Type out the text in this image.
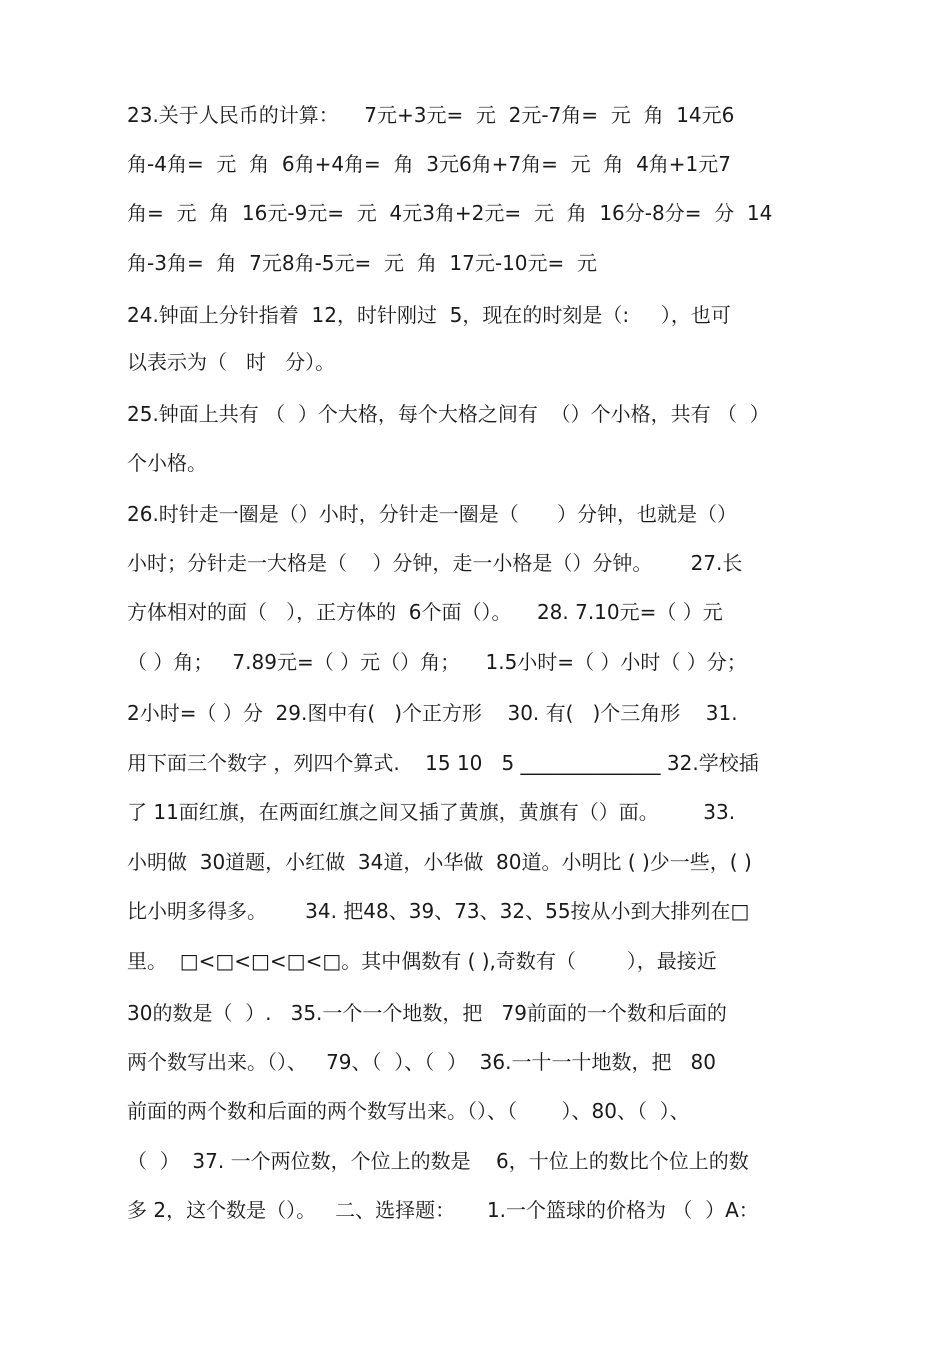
23.关于人民币的计算：    7元+3元=  元  2元-7角=  元  角  14元6
角-4角=  元  角  6角+4角=  角  3元6角+7角=  元  角  4角+1元7
角=  元  角  16元-9元=  元  4元3角+2元=  元  角  16分-8分=  分  14
角-3角=  角  7元8角-5元=  元  角  17元-10元=  元
24.钟面上分针指着  12，时针刚过  5，现在的时刻是（:     ），也可
以表示为（   时   分）。
25.钟面上共有 （  ）个大格，每个大格之间有  （）个小格，共有 （  ）
个小格。
26.时针走一圈是（）小时，分针走一圈是（      ）分钟，也就是（）
小时；分针走一大格是（    ）分钟，走一小格是（）分钟。      27.长
方体相对的面（   ），正方体的  6个面（）。    28. 7.10元=（ ）元
（ ）角；   7.89元=（ ）元（）角；    1.5小时=（ ）小时（ ）分；
2小时=（ ）分  29.图中有(   )个正方形    30. 有(   )个三角形    31.
用下面三个数字 ，列四个算式.    15 10   5 ______________ 32.学校插
了 11面红旗，在两面红旗之间又插了黄旗，黄旗有（）面。       33.
小明做  30道题，小红做  34道，小华做  80道。小明比 ( )少一些，( )
比小明多得多。      34. 把48、39、73、32、55按从小到大排列在□
里。  □<□<□<□<□。其中偶数有 ( ),奇数有（        ），最接近
30的数是（  ）.   35.一个一个地数，把   79前面的一个数和后面的
两个数写出来。（）、   79、（  ）、（  ）  36.一十一十地数，把   80
前面的两个数和后面的两个数写出来。（）、（       ）、80、（  ）、
（  ）  37. 一个两位数，个位上的数是    6，十位上的数比个位上的数
多 2，这个数是（）。   二、选择题：     1.一个篮球的价格为 （  ）A：
